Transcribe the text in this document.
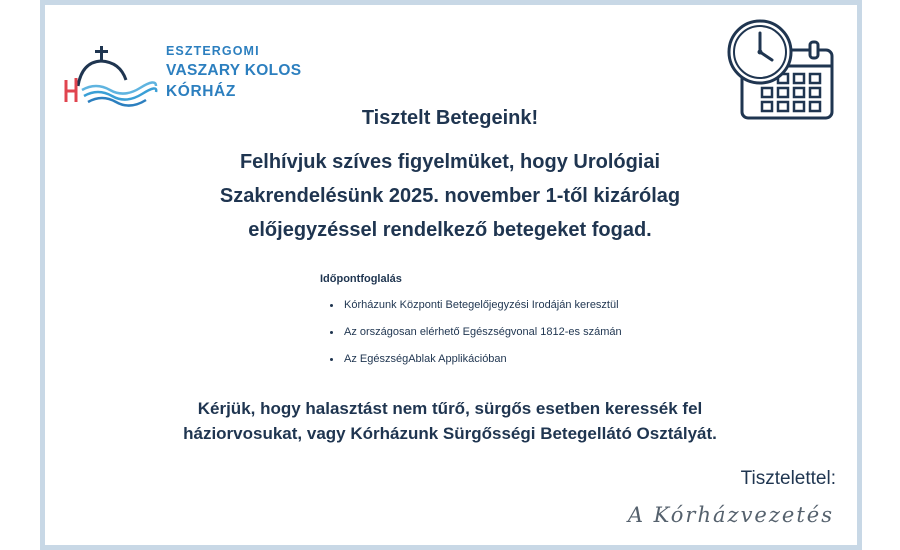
ESZTERGOMI
VASZARY KOLOS
KÓRHÁZ
Tisztelt Betegeink!
Felhívjuk szíves figyelmüket, hogy Urológiai
Szakrendelésünk 2025. november 1-től kizárólag
előjegyzéssel rendelkező betegeket fogad.
Időpontfoglalás
Kórházunk Központi Betegelőjegyzési Irodáján keresztül
Az országosan elérhető Egészségvonal 1812-es számán
Az EgészségAblak Applikációban
Kérjük, hogy halasztást nem tűrő, sürgős esetben keressék fel
háziorvosukat, vagy Kórházunk Sürgősségi Betegellátó Osztályát.
Tisztelettel:
A Kórházvezetés
